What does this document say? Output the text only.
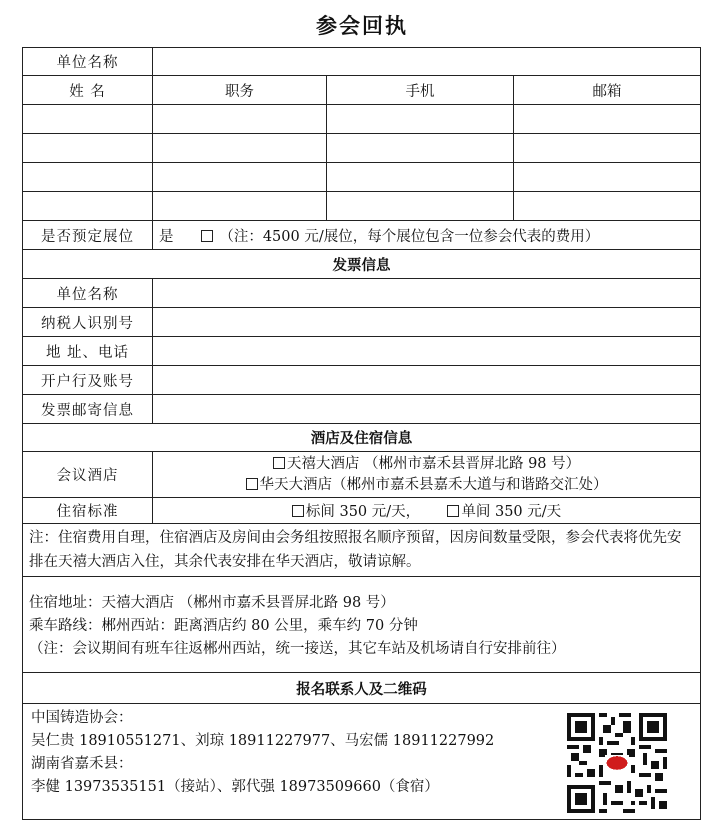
参会回执
单位名称			
姓 名	职务	手机	邮箱

是否预定展位	是 （注：4500 元/展位，每个展位包含一位参会代表的费用）		
发票信息			
单位名称			
纳税人识别号			
地 址、电话			
开户行及账号			
发票邮寄信息			
酒店及住宿信息			
会议酒店	天禧大酒店 （郴州市嘉禾县晋屏北路 98 号）
华天大酒店（郴州市嘉禾县嘉禾大道与和谐路交汇处）		

住宿标准	标间 350 元/天， 单间 350 元/天		
注：住宿费用自理，住宿酒店及房间由会务组按照报名顺序预留，因房间数量受限，参会代表将优先安排在天禧大酒店入住，其余代表安排在华天酒店，敬请谅解。			

住宿地址：天禧大酒店 （郴州市嘉禾县晋屏北路 98 号）
乘车路线：郴州西站：距离酒店约 80 公里，乘车约 70 分钟
（注：会议期间有班车往返郴州西站，统一接送，其它车站及机场请自行安排前往）			

报名联系人及二维码			

中国铸造协会：
吴仁贵 18910551271、刘琼 18911227977、马宏儒 18911227992
湖南省嘉禾县：
李健 13973535151（接站）、郭代强 18973509660（食宿）			
